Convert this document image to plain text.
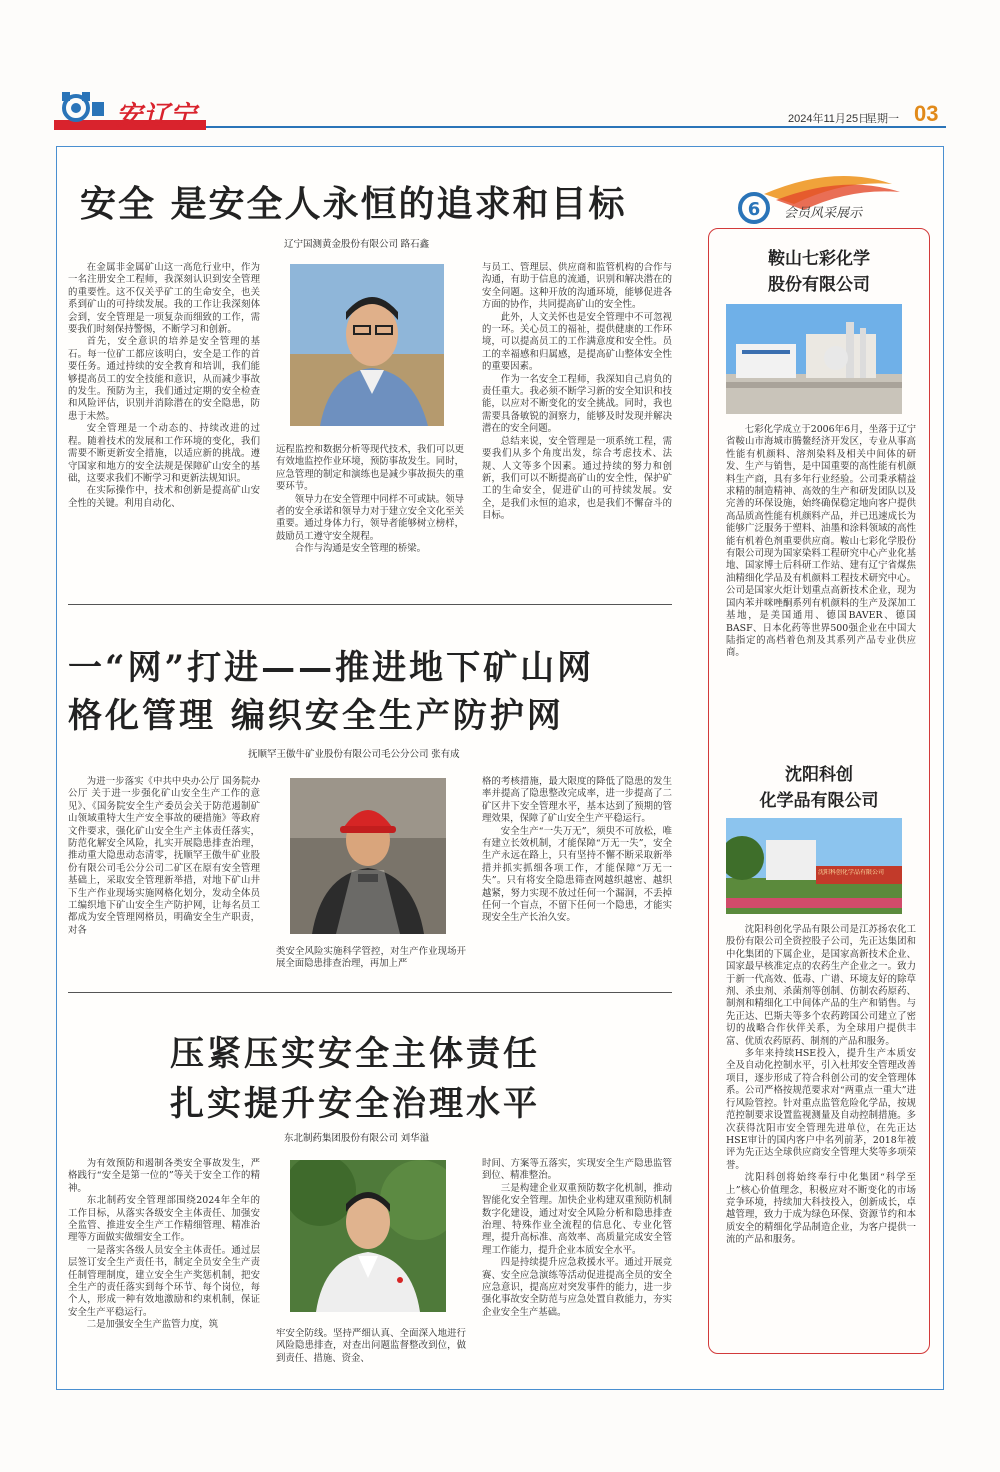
安辽宁	2024年11月25日
星期一 03
安全 是安全人永恒的追求和目标
辽宁国测黄金股份有限公司 路石鑫

在金属非金属矿山这一高危行业中，作为一名注册安全工程师，我深刻认识到安全管理的重要性。这不仅关乎矿工的生命安全，也关系到矿山的可持续发展。我的工作让我深刻体会到，安全管理是一项复杂而细致的工作，需要我们时刻保持警惕，不断学习和创新。

首先，安全意识的培养是安全管理的基石。每一位矿工都应该明白，安全是工作的首要任务。通过持续的安全教育和培训，我们能够提高员工的安全技能和意识，从而减少事故的发生。预防为主，我们通过定期的安全检查和风险评估，识别并消除潜在的安全隐患，防患于未然。

安全管理是一个动态的、持续改进的过程。随着技术的发展和工作环境的变化，我们需要不断更新安全措施，以适应新的挑战。遵守国家和地方的安全法规是保障矿山安全的基础，这要求我们不断学习和更新法规知识。

在实际操作中，技术和创新是提高矿山安全性的关键。利用自动化、

远程监控和数据分析等现代技术，我们可以更有效地监控作业环境，预防事故发生。同时，应急管理的制定和演练也是减少事故损失的重要环节。

领导力在安全管理中同样不可或缺。领导者的安全承诺和领导力对于建立安全文化至关重要。通过身体力行，领导者能够树立榜样，鼓励员工遵守安全规程。

合作与沟通是安全管理的桥梁。

与员工、管理层、供应商和监管机构的合作与沟通，有助于信息的流通，识别和解决潜在的安全问题。这种开放的沟通环境，能够促进各方面的协作，共同提高矿山的安全性。

此外，人文关怀也是安全管理中不可忽视的一环。关心员工的福祉，提供健康的工作环境，可以提高员工的工作满意度和安全性。员工的幸福感和归属感，是提高矿山整体安全性的重要因素。

作为一名安全工程师，我深知自己肩负的责任重大。我必须不断学习新的安全知识和技能，以应对不断变化的安全挑战。同时，我也需要具备敏锐的洞察力，能够及时发现并解决潜在的安全问题。

总结来说，安全管理是一项系统工程，需要我们从多个角度出发，综合考虑技术、法规、人文等多个因素。通过持续的努力和创新，我们可以不断提高矿山的安全性，保护矿工的生命安全，促进矿山的可持续发展。安全，是我们永恒的追求，也是我们不懈奋斗的目标。

一“网”打进——推进地下矿山网
格化管理 编织安全生产防护网
抚顺罕王傲牛矿业股份有限公司毛公分公司 张有成

为进一步落实《中共中央办公厅 国务院办公厅 关于进一步强化矿山安全生产工作的意见》、《国务院安全生产委员会关于防范遏制矿山领域重特大生产安全事故的硬措施》等政府文件要求，强化矿山安全生产主体责任落实，防范化解安全风险，扎实开展隐患排查治理，推动重大隐患动态清零，抚顺罕王傲牛矿业股份有限公司毛公分公司二矿区在原有安全管理基础上，采取安全管理新举措，对地下矿山井下生产作业现场实施网格化划分，发动全体员工编织地下矿山安全生产防护网，让每名员工都成为安全管理网格员，明确安全生产职责，对各

类安全风险实施科学管控，对生产作业现场开展全面隐患排查治理，再加上严

格的考核措施，最大限度的降低了隐患的发生率并提高了隐患整改完成率，进一步提高了二矿区井下安全管理水平，基本达到了预期的管理效果，保障了矿山安全生产平稳运行。

安全生产“一失万无”，须臾不可放松，唯有建立长效机制，才能保障“万无一失”，安全生产永远在路上，只有坚持不懈不断采取新举措并抓实抓细各项工作，才能保障“万无一失”。只有将安全隐患筛查网越织越密、越织越紧，努力实现不放过任何一个漏洞，不丢掉任何一个盲点，不留下任何一个隐患，才能实现安全生产长治久安。

压紧压实安全主体责任
扎实提升安全治理水平
东北制药集团股份有限公司 刘华溢

为有效预防和遏制各类安全事故发生，严格践行“安全是第一位的”等关于安全工作的精神。

东北制药安全管理部围绕2024年全年的工作目标，从落实各级安全主体责任、加强安全监管、推进安全生产工作精细管理、精准治理等方面做实做细安全工作。

一是落实各级人员安全主体责任。通过层层签订安全生产责任书，制定全员安全生产责任制管理制度，建立安全生产奖惩机制，把安全生产的责任落实到每个环节、每个岗位，每个人，形成一种有效地激励和约束机制，保证安全生产平稳运行。

二是加强安全生产监管力度，筑

牢安全防线。坚持严细认真、全面深入地进行风险隐患排查，对查出问题监督整改到位，做到责任、措施、资金、

时间、方案等五落实，实现安全生产隐患监管到位、精准整治。

三是构建企业双重预防数字化机制，推动智能化安全管理。加快企业构建双重预防机制数字化建设，通过对安全风险分析和隐患排查治理、特殊作业全流程的信息化、专业化管理，提升高标准、高效率、高质量完成安全管理工作能力，提升企业本质安全水平。

四是持续提升应急救援水平。通过开展竞赛、安全应急演练等活动促进提高全员的安全应急意识，提高应对突发事件的能力，进一步强化事故安全防范与应急处置自救能力，夯实企业安全生产基础。

6 会员风采展示
鞍山七彩化学
股份有限公司

七彩化学成立于2006年6月，坐落于辽宁省鞍山市海城市腾鳌经济开发区，专业从事高性能有机颜料、溶剂染料及相关中间体的研发、生产与销售，是中国重要的高性能有机颜料生产商，具有多年行业经验。公司秉承精益求精的制造精神、高效的生产和研发团队以及完善的环保设施，始终确保稳定地向客户提供高品质高性能有机颜料产品，并已迅速成长为能够广泛服务于塑料、油墨和涂料领域的高性能有机着色剂重要供应商。鞍山七彩化学股份有限公司现为国家染料工程研究中心产业化基地、国家博士后科研工作站、建有辽宁省煤焦油精细化学品及有机颜料工程技术研究中心。公司是国家火炬计划重点高新技术企业，现为国内苯并咪唑酮系列有机颜料的生产及深加工基地，是美国通用、德国BAVER、德国BASF、日本化药等世界500强企业在中国大陆指定的高档着色剂及其系列产品专业供应商。

沈阳科创
化学品有限公司
沈阳科创化学品有限公司

沈阳科创化学品有限公司是江苏扬农化工股份有限公司全资控股子公司，先正达集团和中化集团的下属企业，是国家高新技术企业、国家最早核准定点的农药生产企业之一。致力于新一代高效、低毒、广谱、环境友好的除草剂、杀虫剂、杀菌剂等创制、仿制农药原药、制剂和精细化工中间体产品的生产和销售。与先正达、巴斯夫等多个农药跨国公司建立了密切的战略合作伙伴关系，为全球用户提供丰富、优质农药原药、制剂的产品和服务。

多年来持续HSE投入，提升生产本质安全及自动化控制水平，引入杜邦安全管理改善项目，逐步形成了符合科创公司的安全管理体系。公司严格按规范要求对“两重点一重大”进行风险管控。针对重点监管危险化学品，按规范控制要求设置监视测量及自动控制措施。多次获得沈阳市安全管理先进单位，在先正达HSE审计的国内客户中名列前茅，2018年被评为先正达全球供应商安全管理大奖等多项荣誉。

沈阳科创将始终奉行中化集团“科学至上”核心价值理念，积极应对不断变化的市场竞争环境，持续加大科技投入，创新成长，卓越管理，致力于成为绿色环保、资源节约和本质安全的精细化学品制造企业，为客户提供一流的产品和服务。
